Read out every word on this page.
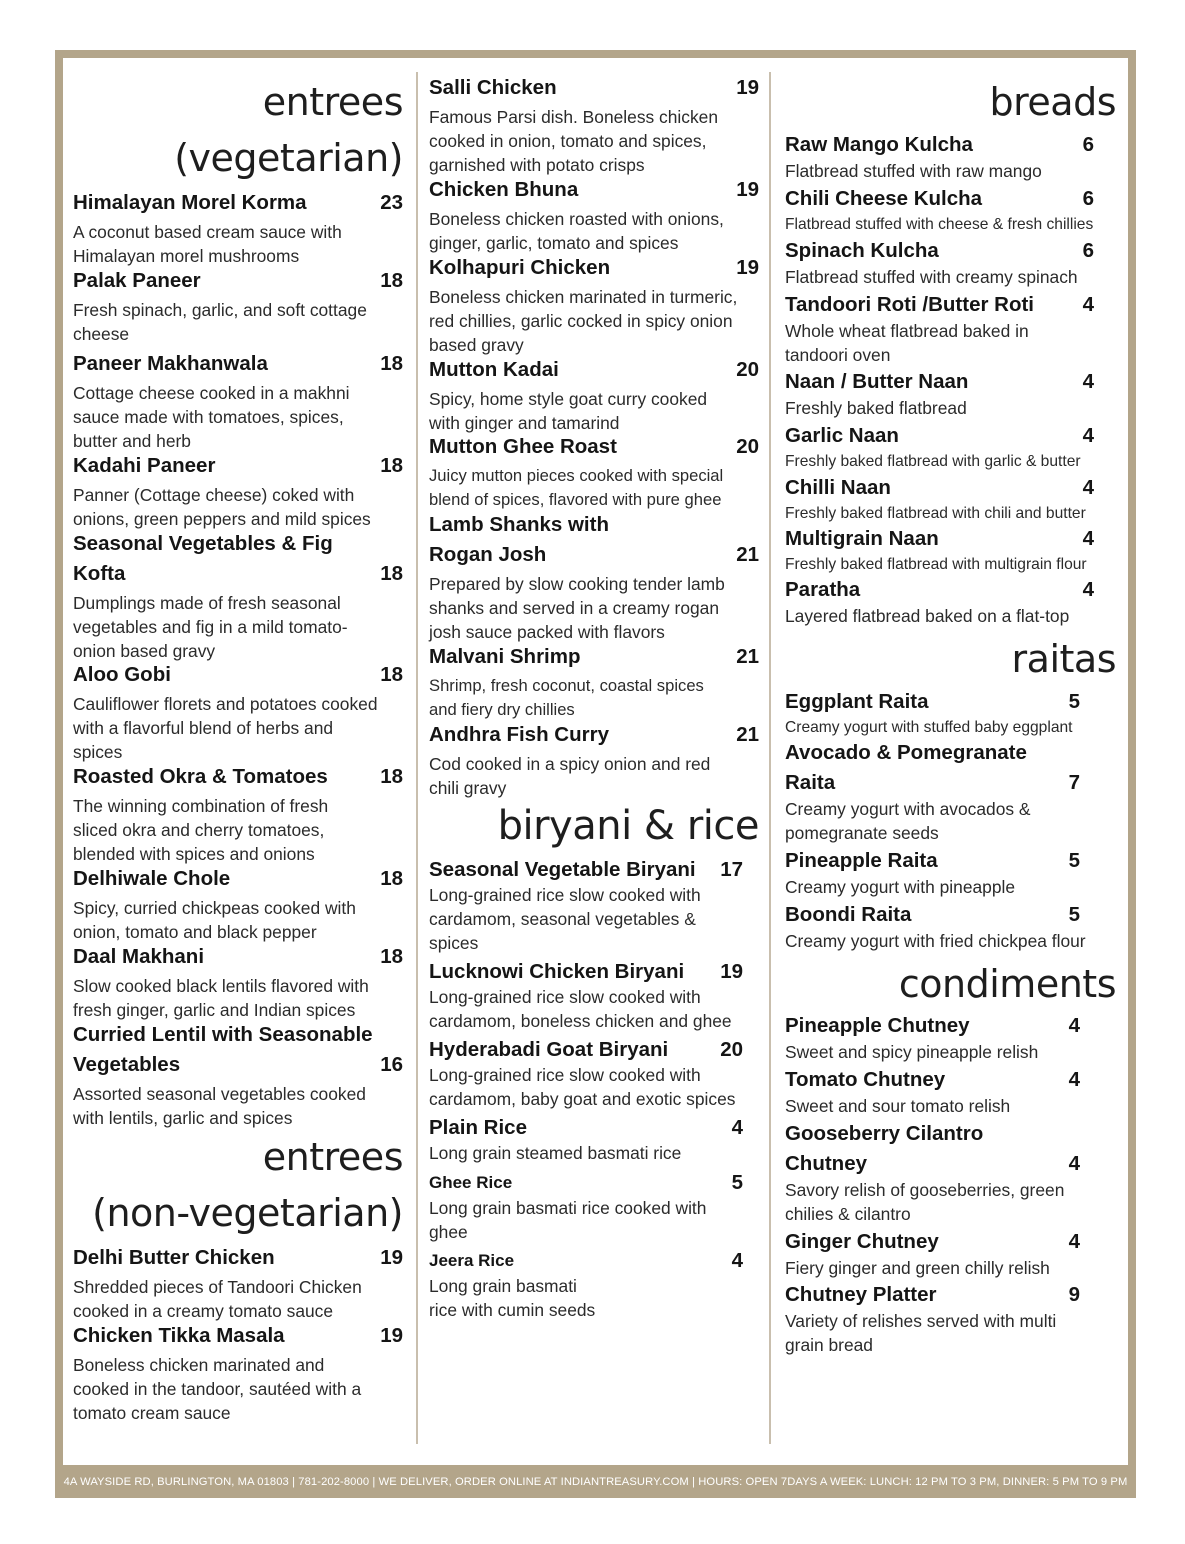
entrees
(vegetarian)
Himalayan Morel Korma	23
A coconut based cream sauce with
Himalayan morel mushrooms
Palak Paneer	18
Fresh spinach, garlic, and soft cottage
cheese
Paneer Makhanwala	18
Cottage cheese cooked in a makhni
sauce made with tomatoes, spices,
butter and herb
Kadahi Paneer	18
Panner (Cottage cheese) coked with
onions, green peppers and mild spices
Seasonal Vegetables & Fig
Kofta	18
Dumplings made of fresh seasonal
vegetables and fig in a mild tomato-
onion based gravy
Aloo Gobi	18
Cauliflower florets and potatoes cooked
with a flavorful blend of herbs and
spices
Roasted Okra & Tomatoes	18
The winning combination of fresh
sliced okra and cherry tomatoes,
blended with spices and onions
Delhiwale Chole	18
Spicy, curried chickpeas cooked with
onion, tomato and black pepper
Daal Makhani	18
Slow cooked black lentils flavored with
fresh ginger, garlic and Indian spices
Curried Lentil with Seasonable
Vegetables	16
Assorted seasonal vegetables cooked
with lentils, garlic and spices
entrees
(non-vegetarian)
Delhi Butter Chicken	19
Shredded pieces of Tandoori Chicken
cooked in a creamy tomato sauce
Chicken Tikka Masala	19
Boneless chicken marinated and
cooked in the tandoor, sautéed with a
tomato cream sauce
Salli Chicken	19
Famous Parsi dish. Boneless chicken
cooked in onion, tomato and spices,
garnished with potato crisps
Chicken Bhuna	19
Boneless chicken roasted with onions,
ginger, garlic, tomato and spices
Kolhapuri Chicken	19
Boneless chicken marinated in turmeric,
red chillies, garlic cocked in spicy onion
based gravy
Mutton Kadai	20
Spicy, home style goat curry cooked
with ginger and tamarind
Mutton Ghee Roast	20
Juicy mutton pieces cooked with special
blend of spices, flavored with pure ghee
Lamb Shanks with
Rogan Josh	21
Prepared by slow cooking tender lamb
shanks and served in a creamy rogan
josh sauce packed with flavors
Malvani Shrimp	21
Shrimp, fresh coconut, coastal spices
and fiery dry chillies
Andhra Fish Curry	21
Cod cooked in a spicy onion and red
chili gravy
biryani & rice
Seasonal Vegetable Biryani	17
Long-grained rice slow cooked with
cardamom, seasonal vegetables &
spices
Lucknowi Chicken Biryani	19
Long-grained rice slow cooked with
cardamom, boneless chicken and ghee
Hyderabadi Goat Biryani	20
Long-grained rice slow cooked with
cardamom, baby goat and exotic spices
Plain Rice	4
Long grain steamed basmati rice
Ghee Rice	5
Long grain basmati rice cooked with
ghee
Jeera Rice	4
Long grain basmati
rice with cumin seeds
breads
Raw Mango Kulcha	6
Flatbread stuffed with raw mango
Chili Cheese Kulcha	6
Flatbread stuffed with cheese & fresh chillies
Spinach Kulcha	6
Flatbread stuffed with creamy spinach
Tandoori Roti /Butter Roti	4
Whole wheat flatbread baked in
tandoori oven
Naan / Butter Naan	4
Freshly baked flatbread
Garlic Naan	4
Freshly baked flatbread with garlic & butter
Chilli Naan	4
Freshly baked flatbread with chili and butter
Multigrain Naan	4
Freshly baked flatbread with multigrain flour
Paratha	4
Layered flatbread baked on a flat-top
raitas
Eggplant Raita	5
Creamy yogurt with stuffed baby eggplant
Avocado & Pomegranate
Raita	7
Creamy yogurt with avocados &
pomegranate seeds
Pineapple Raita	5
Creamy yogurt with pineapple
Boondi Raita	5
Creamy yogurt with fried chickpea flour
condiments
Pineapple Chutney	4
Sweet and spicy pineapple relish
Tomato Chutney	4
Sweet and sour tomato relish
Gooseberry Cilantro
Chutney	4
Savory relish of gooseberries, green
chilies & cilantro
Ginger Chutney	4
Fiery ginger and green chilly relish
Chutney Platter	9
Variety of relishes served with multi
grain bread
4A WAYSIDE RD, BURLINGTON, MA 01803 | 781-202-8000 | WE DELIVER, ORDER ONLINE AT INDIANTREASURY.COM | HOURS: OPEN 7DAYS A WEEK: LUNCH: 12 PM TO 3 PM, DINNER: 5 PM TO 9 PM
